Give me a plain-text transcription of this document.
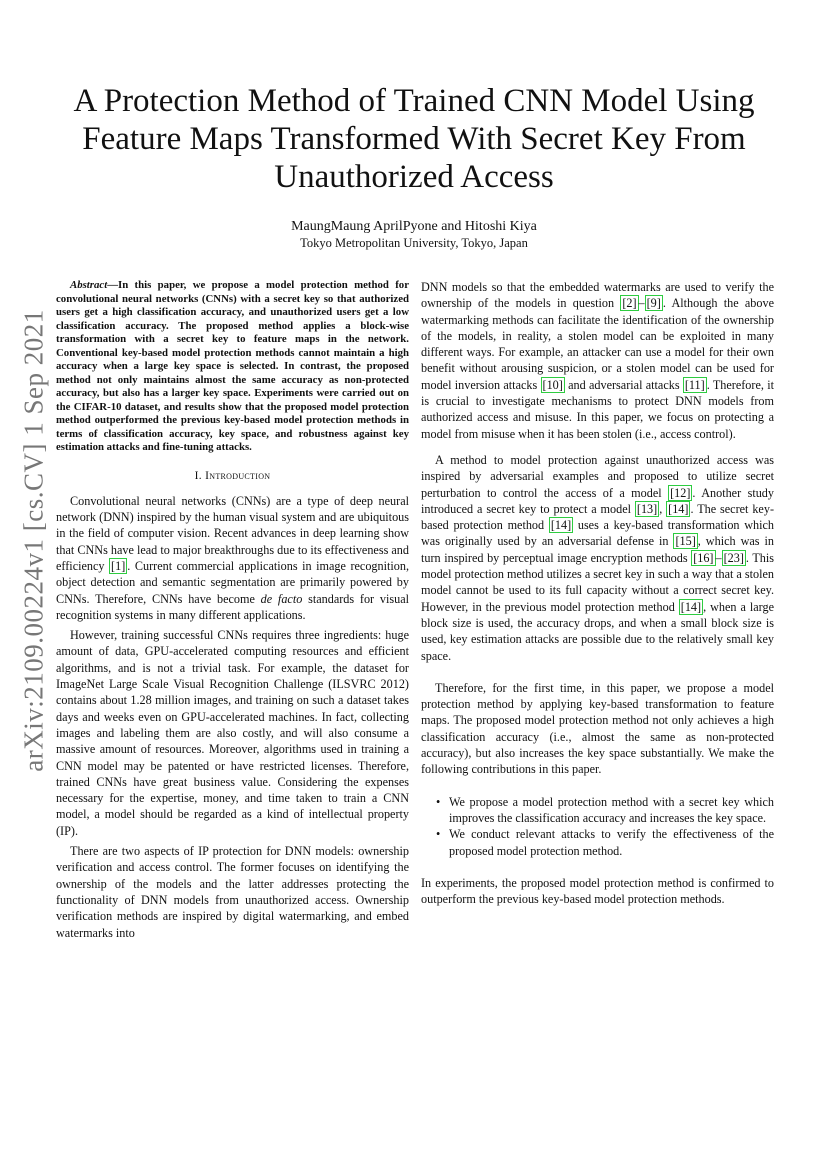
arXiv:2109.00224v1 [cs.CV] 1 Sep 2021
A Protection Method of Trained CNN Model Using
Feature Maps Transformed With Secret Key From
Unauthorized Access
MaungMaung AprilPyone and Hitoshi Kiya
Tokyo Metropolitan University, Tokyo, Japan

Abstract—In this paper, we propose a model protection method for convolutional neural networks (CNNs) with a secret key so that authorized users get a high classification accuracy, and unauthorized users get a low classification accuracy. The proposed method applies a block-wise transformation with a secret key to feature maps in the network. Conventional key-based model protection methods cannot maintain a high accuracy when a large key space is selected. In contrast, the proposed method not only maintains almost the same accuracy as non-protected accuracy, but also has a larger key space. Experiments were carried out on the CIFAR-10 dataset, and results show that the proposed model protection method outperformed the previous key-based model protection methods in terms of classification accuracy, key space, and robustness against key estimation attacks and fine-tuning attacks.

I. Introduction

Convolutional neural networks (CNNs) are a type of deep neural network (DNN) inspired by the human visual system and are ubiquitous in the field of computer vision. Recent advances in deep learning show that CNNs have lead to major breakthroughs due to its effectiveness and efficiency [1] . Current commercial applications in image recognition, object detection and semantic segmentation are primarily powered by CNNs. Therefore, CNNs have become de facto standards for visual recognition systems in many different applications.

However, training successful CNNs requires three ingredients: huge amount of data, GPU-accelerated computing resources and efficient algorithms, and is not a trivial task. For example, the dataset for ImageNet Large Scale Visual Recognition Challenge (ILSVRC 2012) contains about 1.28 million images, and training on such a dataset takes days and weeks even on GPU-accelerated machines. In fact, collecting images and labeling them are also costly, and will also consume a massive amount of resources. Moreover, algorithms used in training a CNN model may be patented or have restricted licenses. Therefore, trained CNNs have great business value. Considering the expenses necessary for the expertise, money, and time taken to train a CNN model, a model should be regarded as a kind of intellectual property (IP).

There are two aspects of IP protection for DNN models: ownership verification and access control. The former focuses on identifying the ownership of the models and the latter addresses protecting the functionality of DNN models from unauthorized access. Ownership verification methods are inspired by digital watermarking, and embed watermarks into

DNN models so that the embedded watermarks are used to verify the ownership of the models in question [2] – [9] . Although the above watermarking methods can facilitate the identification of the ownership of the models, in reality, a stolen model can be exploited in many different ways. For example, an attacker can use a model for their own benefit without arousing suspicion, or a stolen model can be used for model inversion attacks [10] and adversarial attacks [11] . Therefore, it is crucial to investigate mechanisms to protect DNN models from authorized access and misuse. In this paper, we focus on protecting a model from misuse when it has been stolen (i.e., access control).

A method to model protection against unauthorized access was inspired by adversarial examples and proposed to utilize secret perturbation to control the access of a model [12] . Another study introduced a secret key to protect a model [13] , [14] . The secret key-based protection method [14] uses a key-based transformation which was originally used by an adversarial defense in [15] , which was in turn inspired by perceptual image encryption methods [16] – [23] . This model protection method utilizes a secret key in such a way that a stolen model cannot be used to its full capacity without a correct secret key. However, in the previous model protection method [14] , when a large block size is used, the accuracy drops, and when a small block size is used, key estimation attacks are possible due to the relatively small key space.

Therefore, for the first time, in this paper, we propose a model protection method by applying key-based transformation to feature maps. The proposed model protection method not only achieves a high classification accuracy (i.e., almost the same as non-protected accuracy), but also increases the key space substantially. We make the following contributions in this paper.

• We propose a model protection method with a secret key which improves the classification accuracy and increases the key space.
• We conduct relevant attacks to verify the effectiveness of the proposed model protection method.

In experiments, the proposed model protection method is confirmed to outperform the previous key-based model protection methods.
